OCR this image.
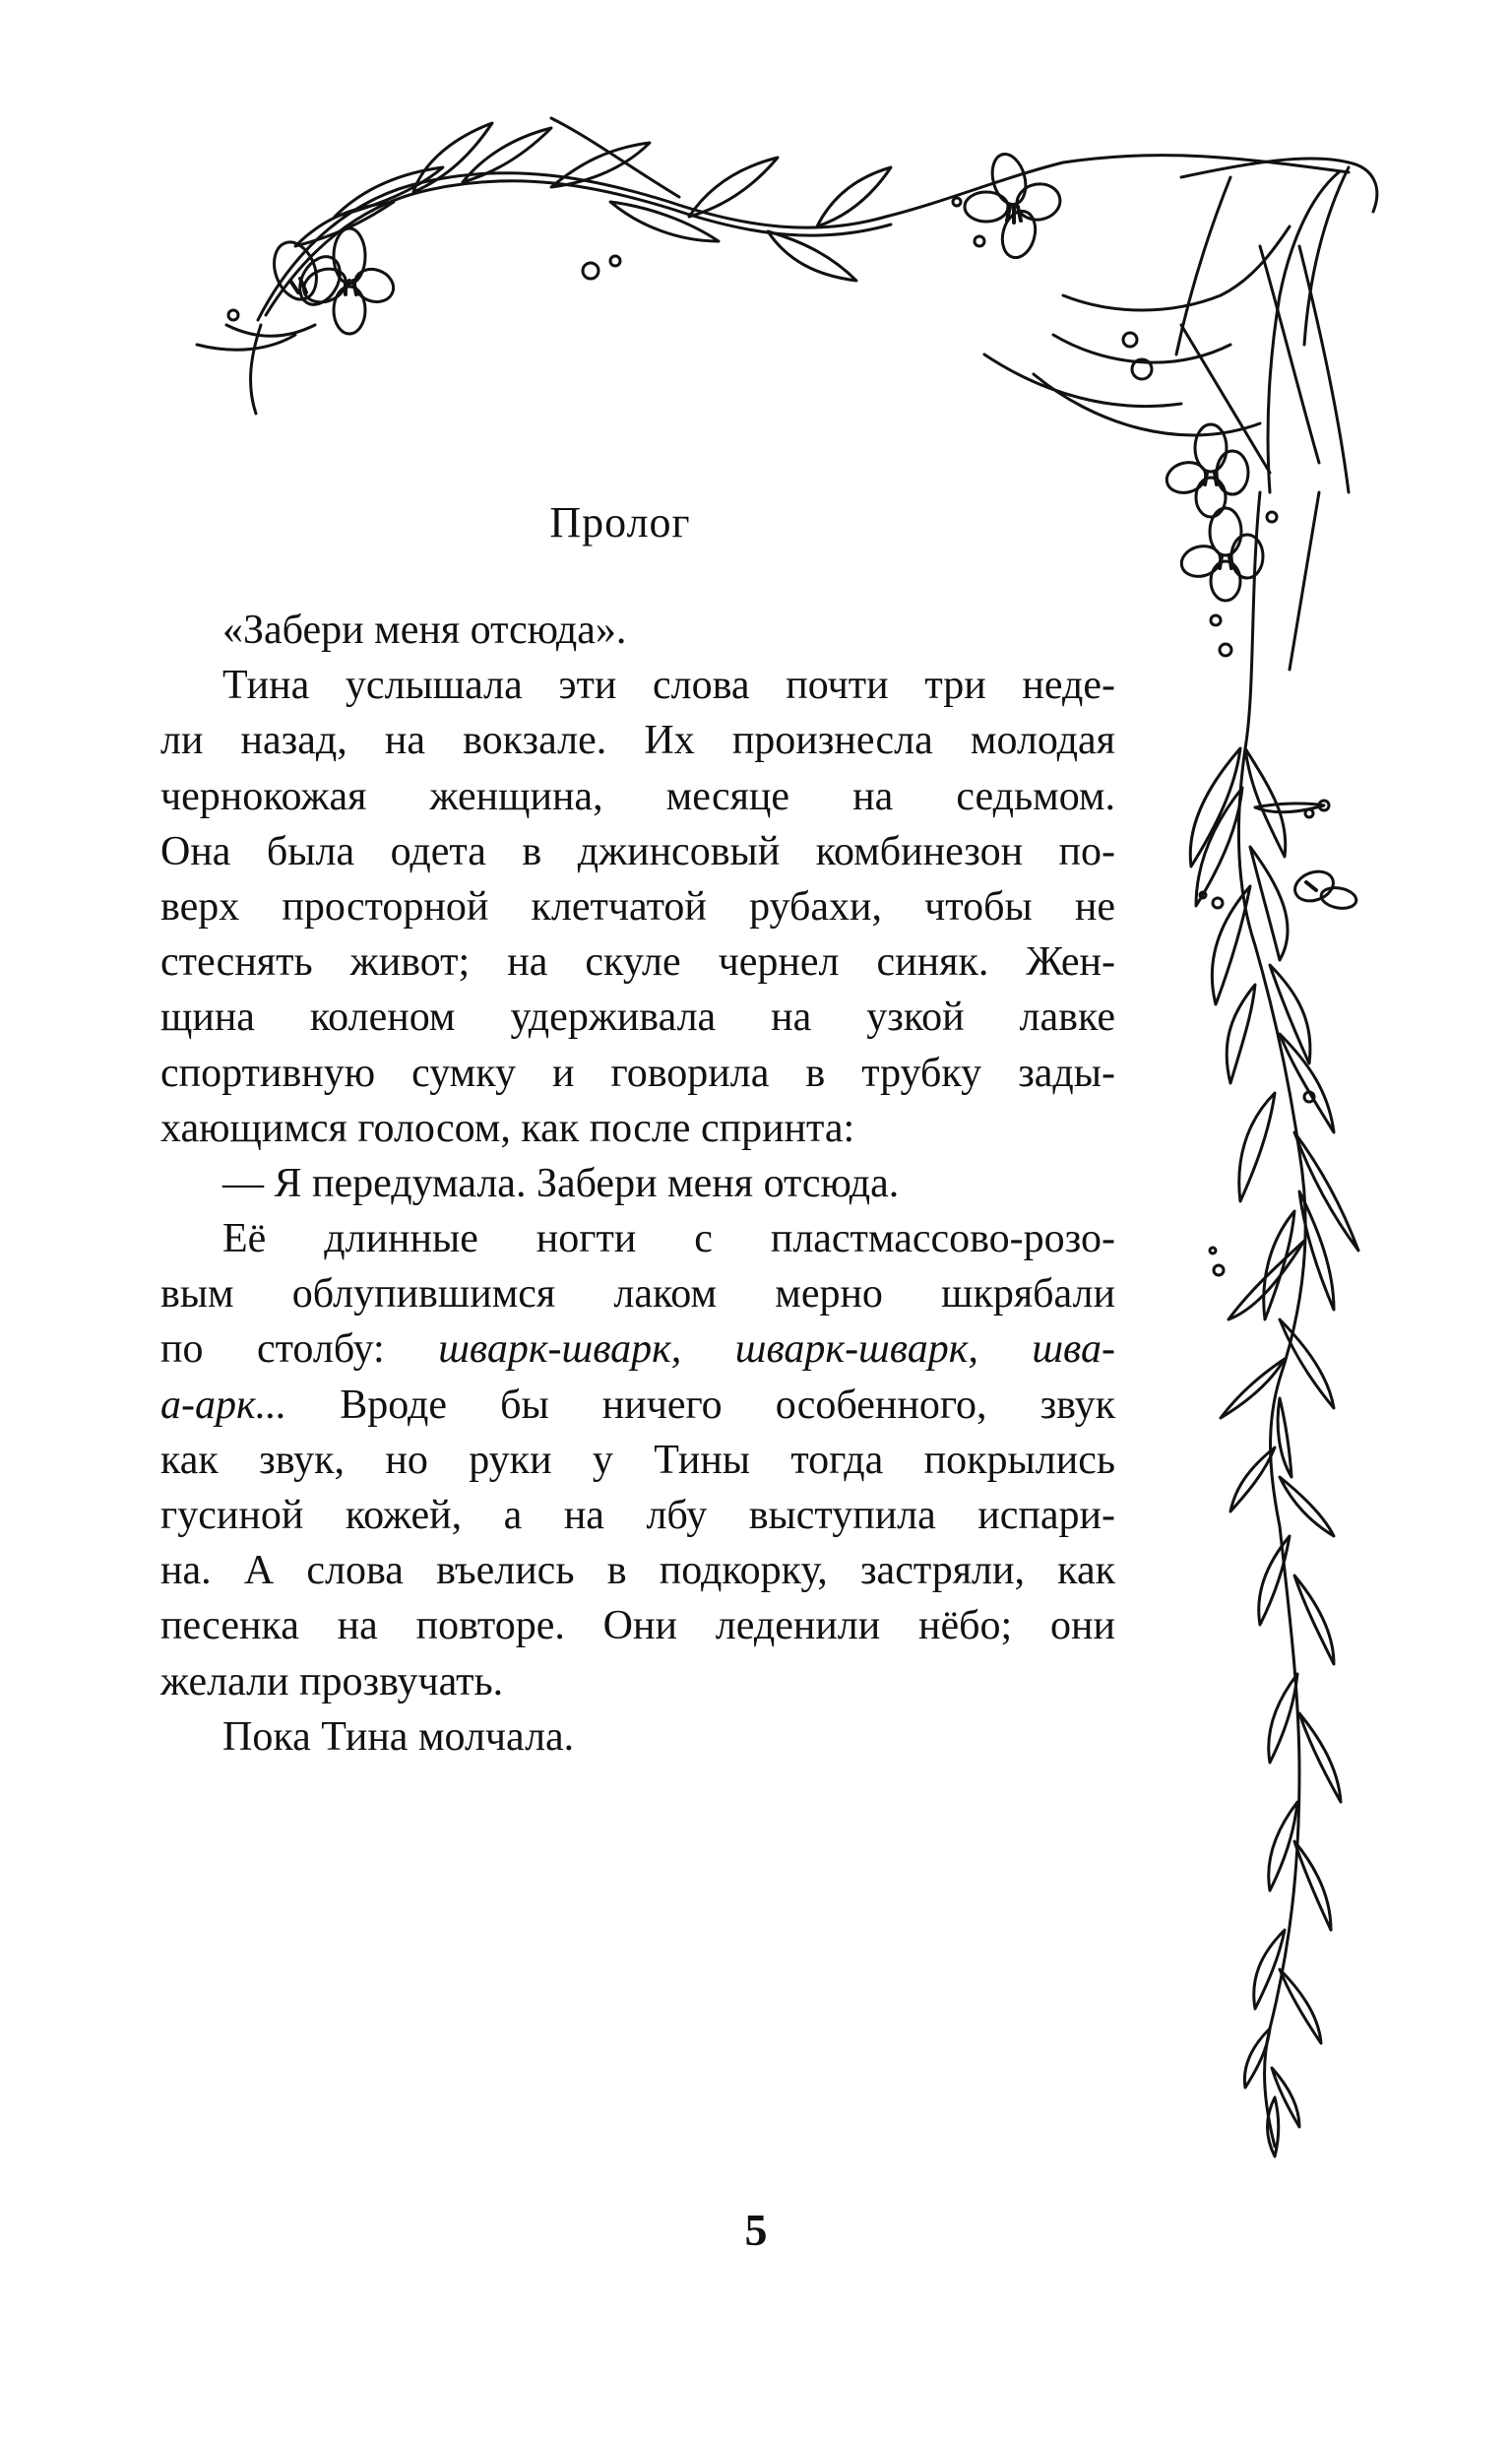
Пролог
«Забери меня отсюда».
Тина услышала эти слова почти три неде-
ли назад, на вокзале. Их произнесла молодая
чернокожая женщина, месяце на седьмом.
Она была одета в джинсовый комбинезон по-
верх просторной клетчатой рубахи, чтобы не
стеснять живот; на скуле чернел синяк. Жен-
щина коленом удерживала на узкой лавке
спортивную сумку и говорила в трубку зады-
хающимся голосом, как после спринта:
— Я передумала. Забери меня отсюда.
Её длинные ногти с пластмассово-розо-
вым облупившимся лаком мерно шкрябали
по столбу: шварк-шварк, шварк-шварк, шва-
а-арк... Вроде бы ничего особенного, звук
как звук, но руки у Тины тогда покрылись
гусиной кожей, а на лбу выступила испари-
на. А слова въелись в подкорку, застряли, как
песенка на повторе. Они леденили нёбо; они
желали прозвучать.
Пока Тина молчала.
5
